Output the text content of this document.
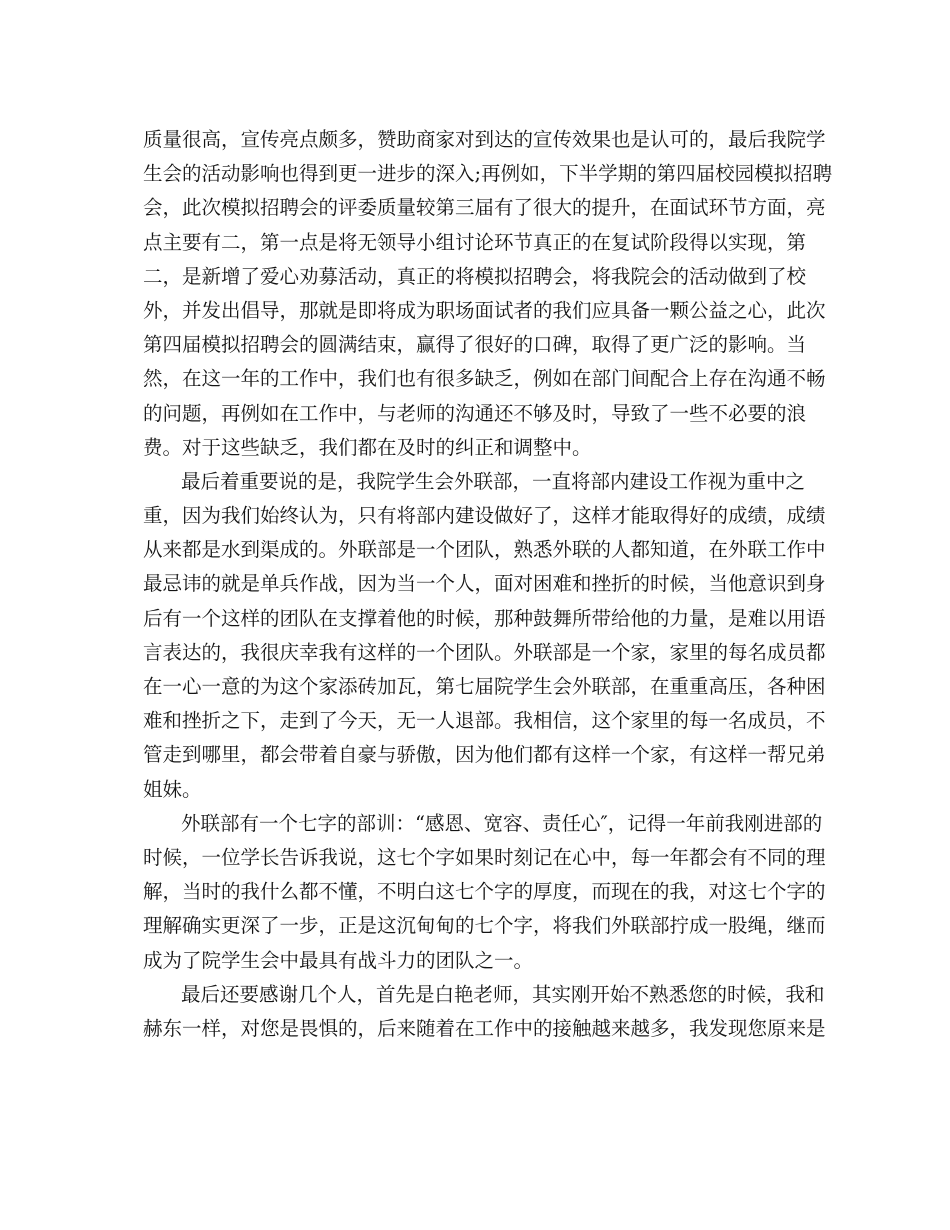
质量很高，宣传亮点颇多，赞助商家对到达的宣传效果也是认可的，最后我院学
生会的活动影响也得到更一进步的深入;再例如，下半学期的第四届校园模拟招聘
会，此次模拟招聘会的评委质量较第三届有了很大的提升，在面试环节方面，亮
点主要有二，第一点是将无领导小组讨论环节真正的在复试阶段得以实现，第
二，是新增了爱心劝募活动，真正的将模拟招聘会，将我院会的活动做到了校
外，并发出倡导，那就是即将成为职场面试者的我们应具备一颗公益之心，此次
第四届模拟招聘会的圆满结束，赢得了很好的口碑，取得了更广泛的影响。当
然，在这一年的工作中，我们也有很多缺乏，例如在部门间配合上存在沟通不畅
的问题，再例如在工作中，与老师的沟通还不够及时，导致了一些不必要的浪
费。对于这些缺乏，我们都在及时的纠正和调整中。
最后着重要说的是，我院学生会外联部，一直将部内建设工作视为重中之
重，因为我们始终认为，只有将部内建设做好了，这样才能取得好的成绩，成绩
从来都是水到渠成的。外联部是一个团队，熟悉外联的人都知道，在外联工作中
最忌讳的就是单兵作战，因为当一个人，面对困难和挫折的时候，当他意识到身
后有一个这样的团队在支撑着他的时候，那种鼓舞所带给他的力量，是难以用语
言表达的，我很庆幸我有这样的一个团队。外联部是一个家，家里的每名成员都
在一心一意的为这个家添砖加瓦，第七届院学生会外联部，在重重高压，各种困
难和挫折之下，走到了今天，无一人退部。我相信，这个家里的每一名成员，不
管走到哪里，都会带着自豪与骄傲，因为他们都有这样一个家，有这样一帮兄弟
姐妹。
外联部有一个七字的部训：“感恩、宽容、责任心″，记得一年前我刚进部的
时候，一位学长告诉我说，这七个字如果时刻记在心中，每一年都会有不同的理
解，当时的我什么都不懂，不明白这七个字的厚度，而现在的我，对这七个字的
理解确实更深了一步，正是这沉甸甸的七个字，将我们外联部拧成一股绳，继而
成为了院学生会中最具有战斗力的团队之一。
最后还要感谢几个人，首先是白艳老师，其实刚开始不熟悉您的时候，我和
赫东一样，对您是畏惧的，后来随着在工作中的接触越来越多，我发现您原来是
